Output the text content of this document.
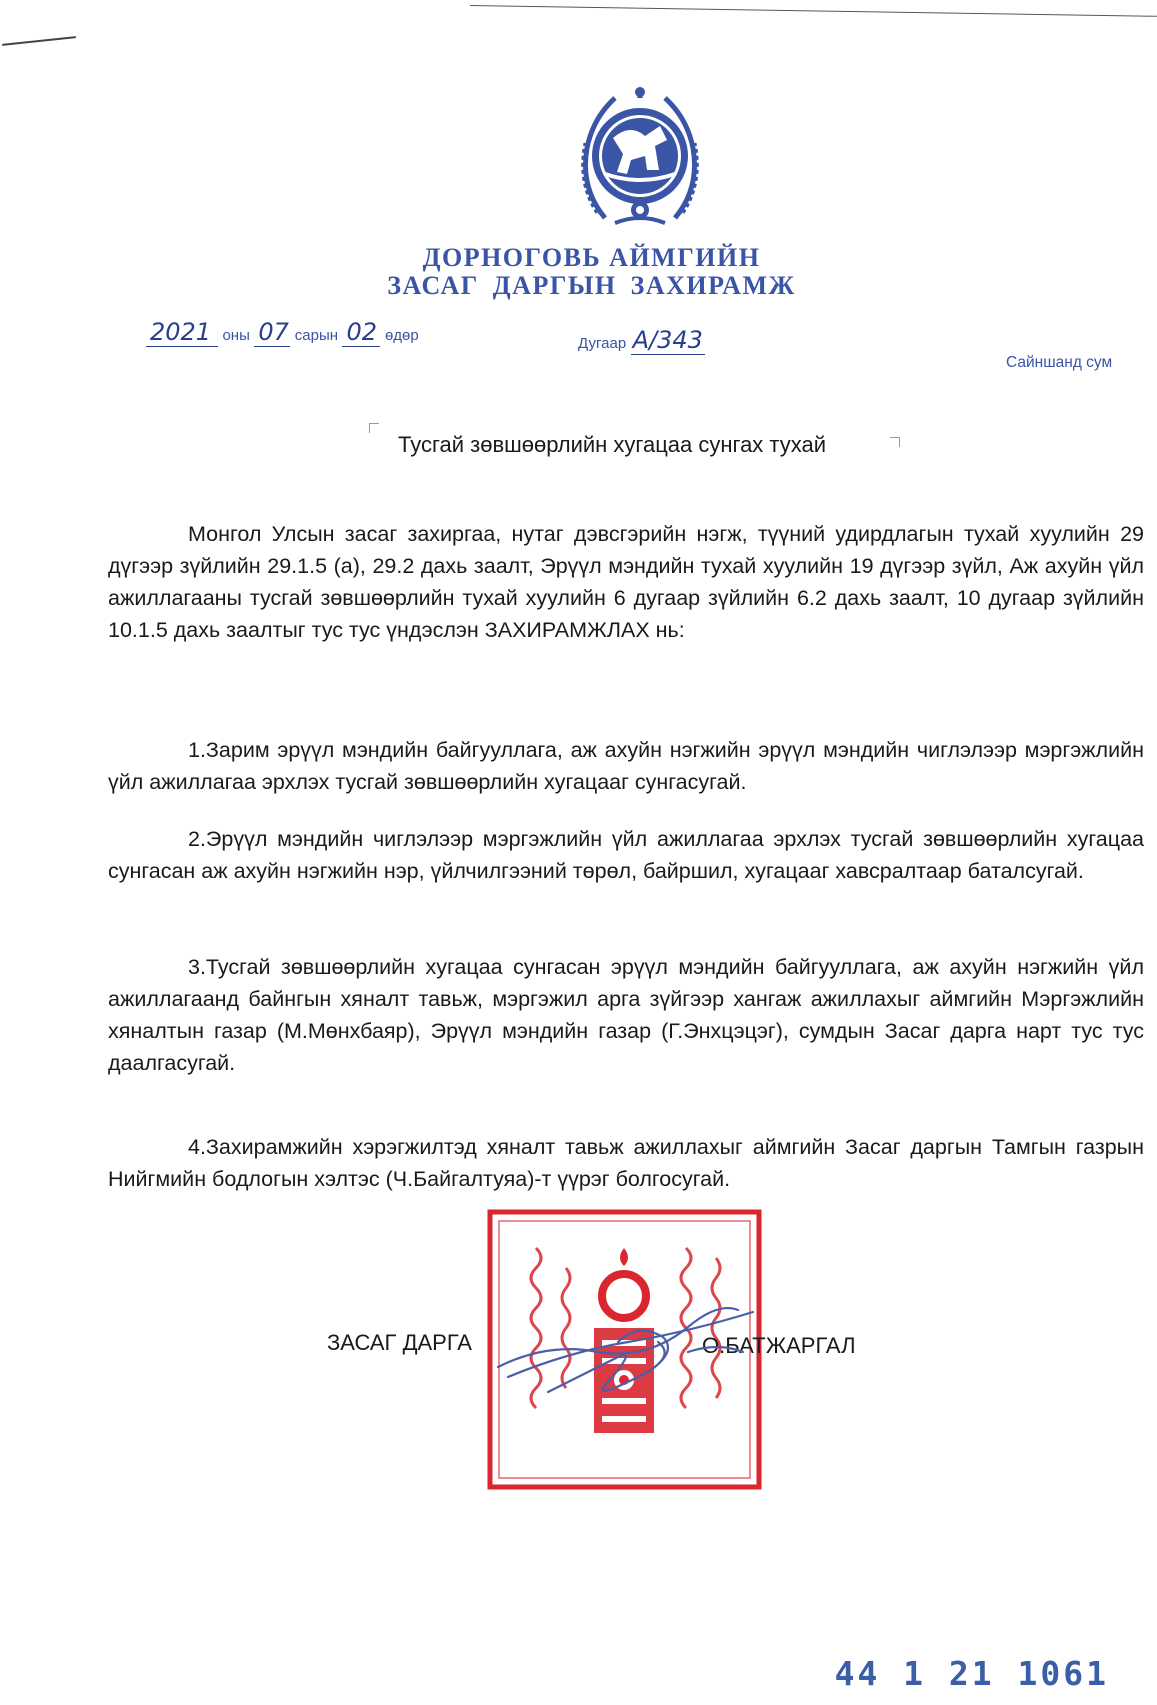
ДОРНОГОВЬ АЙМГИЙН
ЗАСАГ ДАРГЫН ЗАХИРАМЖ
2021 оны 07 сарын 02 өдөр	Дугаар А/343
Сайншанд сум
Тусгай зөвшөөрлийн хугацаа сунгах тухай
Монгол Улсын засаг захиргаа, нутаг дэвсгэрийн нэгж, түүний удирдлагын тухай хуулийн 29 дүгээр зүйлийн 29.1.5 (а), 29.2 дахь заалт, Эрүүл мэндийн тухай хуулийн 19 дүгээр зүйл, Аж ахуйн үйл ажиллагааны тусгай зөвшөөрлийн тухай хуулийн 6 дугаар зүйлийн 6.2 дахь заалт, 10 дугаар зүйлийн 10.1.5 дахь заалтыг тус тус үндэслэн ЗАХИРАМЖЛАХ нь:
1.Зарим эрүүл мэндийн байгууллага, аж ахуйн нэгжийн эрүүл мэндийн чиглэлээр мэргэжлийн үйл ажиллагаа эрхлэх тусгай зөвшөөрлийн хугацааг сунгасугай.
2.Эрүүл мэндийн чиглэлээр мэргэжлийн үйл ажиллагаа эрхлэх тусгай зөвшөөрлийн хугацаа сунгасан аж ахуйн нэгжийн нэр, үйлчилгээний төрөл, байршил, хугацааг хавсралтаар баталсугай.
3.Тусгай зөвшөөрлийн хугацаа сунгасан эрүүл мэндийн байгууллага, аж ахуйн нэгжийн үйл ажиллагаанд байнгын хяналт тавьж, мэргэжил арга зүйгээр хангаж ажиллахыг аймгийн Мэргэжлийн хяналтын газар (М.Мөнхбаяр), Эрүүл мэндийн газар (Г.Энхцэцэг), сумдын Засаг дарга нарт тус тус даалгасугай.
4.Захирамжийн хэрэгжилтэд хяналт тавьж ажиллахыг аймгийн Засаг даргын Тамгын газрын Нийгмийн бодлогын хэлтэс (Ч.Байгалтуяа)-т үүрэг болгосугай.
ЗАСАГ ДАРГА	О.БАТЖАРГАЛ
44 1 21 1061
